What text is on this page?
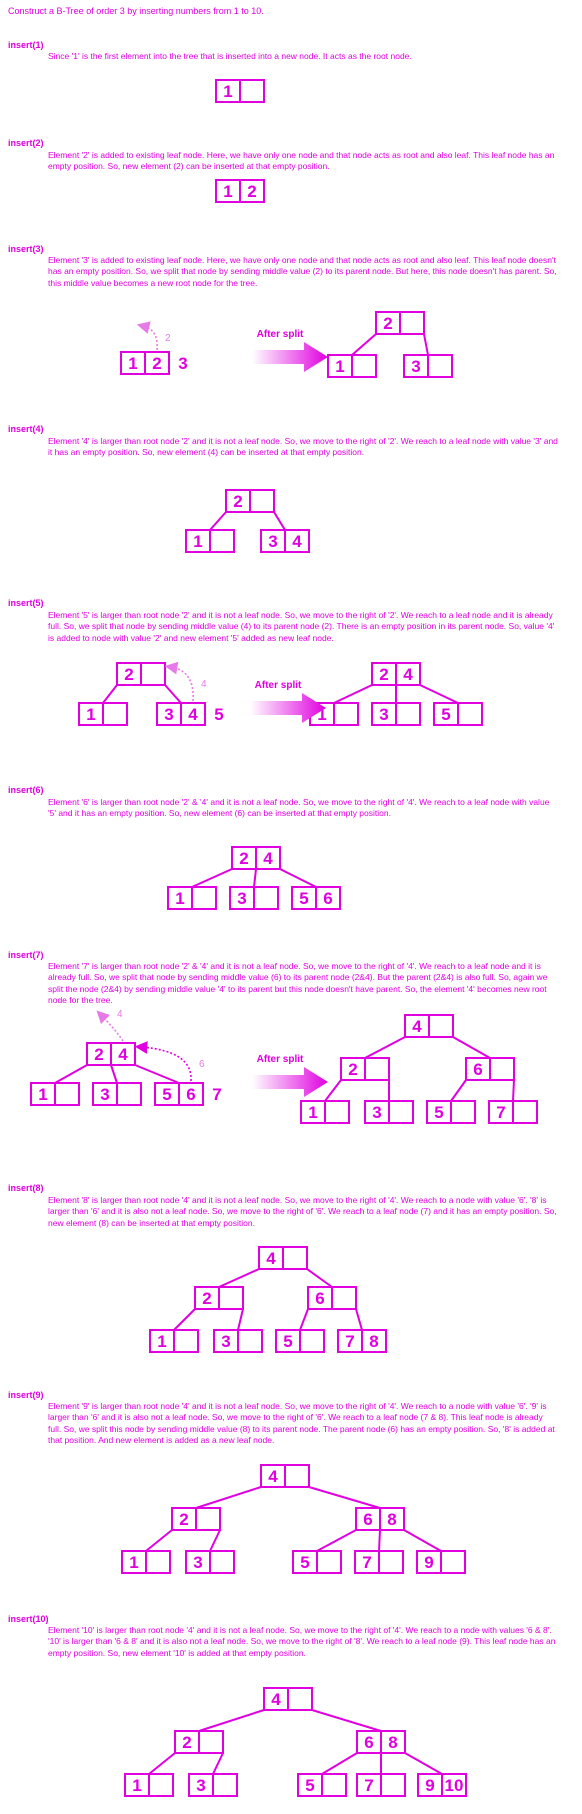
Construct a B-Tree of order 3 by inserting numbers from 1 to 10.
insert(1)
Since '1' is the first element into the tree that is inserted into a new node. It acts as the root node.
insert(2)
Element '2' is added to existing leaf node. Here, we have only one node and that node acts as root and also leaf. This leaf node has an empty position. So, new element (2) can be inserted at that empty position.
insert(3)
Element '3' is added to existing leaf node. Here, we have only one node and that node acts as root and also leaf. This leaf node doesn't has an empty position. So, we split that node by sending middle value (2) to its parent node. But here, this node doesn't has parent. So, this middle value becomes a new root node for the tree.
insert(4)
Element '4' is larger than root node '2' and it is not a leaf node. So, we move to the right of '2'. We reach to a leaf node with value '3' and it has an empty position. So, new element (4) can be inserted at that empty position.
insert(5)
Element '5' is larger than root node '2' and it is not a leaf node. So, we move to the right of '2'. We reach to a leaf node and it is already full. So, we split that node by sending middle value (4) to its parent node (2). There is an empty position in its parent node. So, value '4' is added to node with value '2' and new element '5' added as new leaf node.
insert(6)
Element '6' is larger than root node '2' & '4' and it is not a leaf node. So, we move to the right of '4'. We reach to a leaf node with value '5' and it has an empty position. So, new element (6) can be inserted at that empty position.
insert(7)
Element '7' is larger than root node '2' & '4' and it is not a leaf node. So, we move to the right of '4'. We reach to a leaf node and it is already full. So, we split that node by sending middle value (6) to its parent node (2&4). But the parent (2&4) is also full. So, again we split the node (2&4) by sending middle value '4' to its parent but this node doesn't have parent. So, the element '4' becomes new root node for the tree.
insert(8)
Element '8' is larger than root node '4' and it is not a leaf node. So, we move to the right of '4'. We reach to a node with value '6'. '8' is larger than '6' and it is also not a leaf node. So, we move to the right of '6'. We reach to a leaf node (7) and it has an empty position. So, new element (8) can be inserted at that empty position.
insert(9)
Element '9' is larger than root node '4' and it is not a leaf node. So, we move to the right of '4'. We reach to a node with value '6'. '9' is larger than '6' and it is also not a leaf node. So, we move to the right of '6'. We reach to a leaf node (7 & 8). This leaf node is already full. So, we split this node by sending middle value (8) to its parent node. The parent node (6) has an empty position. So, '8' is added at that position. And new element is added as a new leaf node.
insert(10)
Element '10' is larger than root node '4' and it is not a leaf node. So, we move to the right of '4'. We reach to a node with values '6 & 8'. '10' is larger than '6 & 8' and it is also not a leaf node. So, we move to the right of '8'. We reach to a leaf node (9). This leaf node has an empty position. So, new element '10' is added at that empty position.
1
1 2
1 2 3
2
1	3
2
1	3 4
2
1	3 4 5
2 4
1	3	5
2 4
1	3	5 6
2 4
1	3	5 6 7
4
2	6
1	3	5	7
4
2	6
1	3	5	7 8
4
2	6 8
1	3	5	7	9
4
2	6 8
1	3	5	7	9 10
2	After split
4	After split
6
4
After split
